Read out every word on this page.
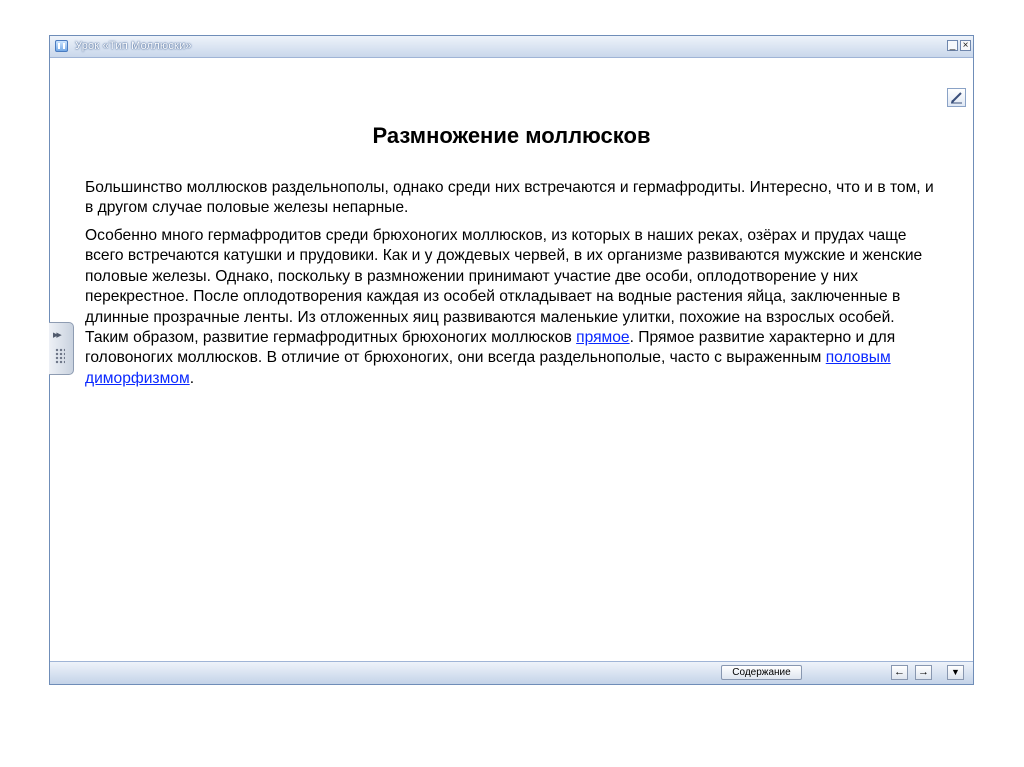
Урок «Тип Моллюски»	_ ×
▶▶
Размножение моллюсков

Большинство моллюсков раздельнополы, однако среди них встречаются и гермафродиты. Интересно, что и в том, и в другом случае половые железы непарные.

Особенно много гермафродитов среди брюхоногих моллюсков, из которых в наших реках, озёрах и прудах чаще всего встречаются катушки и прудовики. Как и у дождевых червей, в их организме развиваются мужские и женские половые железы. Однако, поскольку в размножении принимают участие две особи, оплодотворение у них перекрестное. После оплодотворения каждая из особей откладывает на водные растения яйца, заключенные в длинные прозрачные ленты. Из отложенных яиц развиваются маленькие улитки, похожие на взрослых особей. Таким образом, развитие гермафродитных брюхоногих моллюсков прямое. Прямое развитие характерно и для головоногих моллюсков. В отличие от брюхоногих, они всегда раздельнополые, часто с выраженным половым диморфизмом.

Содержание	← →	▼
